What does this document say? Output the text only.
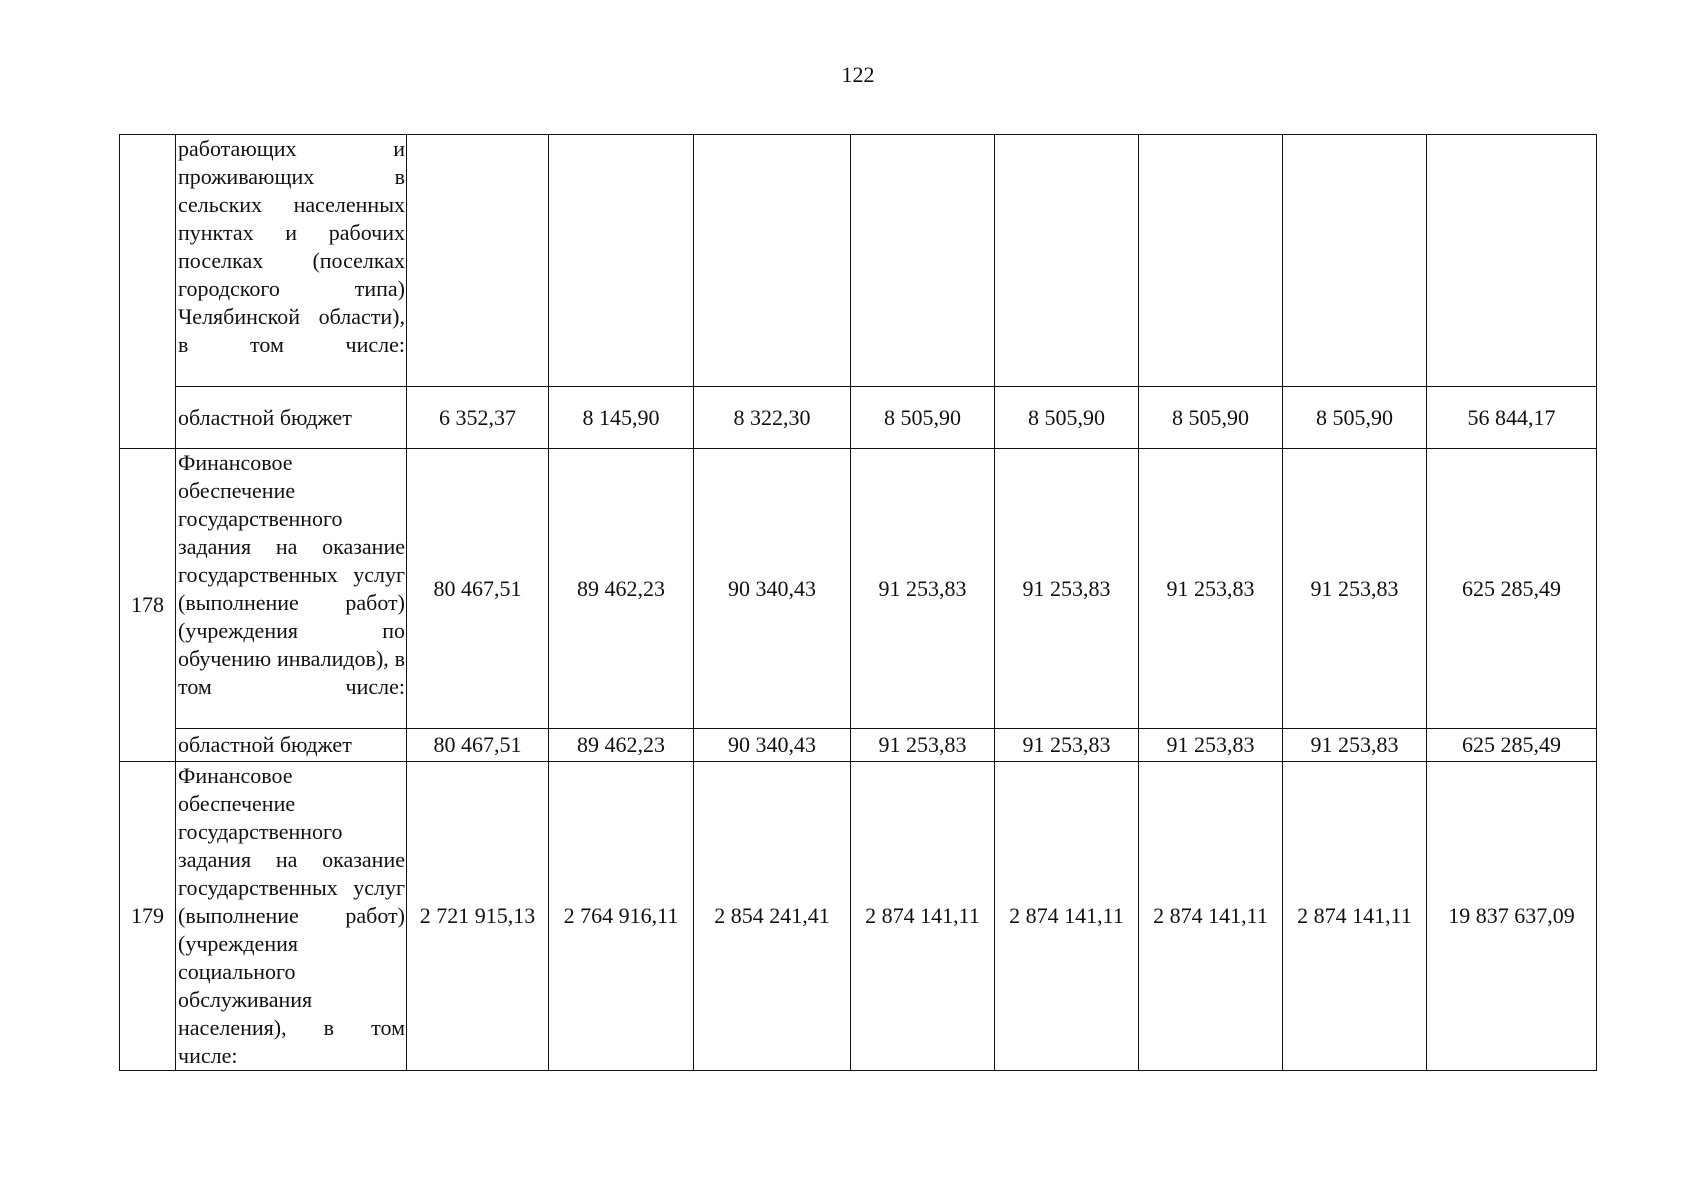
122
	работающих и проживающих в сельских населенных пунктах и рабочих поселках (поселках городского типа) Челябинской области), в том числе:								
	областной бюджет	6 352,37	8 145,90	8 322,30	8 505,90	8 505,90	8 505,90	8 505,90	56 844,17
178	Финансовое обеспечение государственного задания на оказание государственных услуг (выполнение работ) (учреждения по обучению инвалидов), в том числе:	80 467,51	89 462,23	90 340,43	91 253,83	91 253,83	91 253,83	91 253,83	625 285,49
	областной бюджет	80 467,51	89 462,23	90 340,43	91 253,83	91 253,83	91 253,83	91 253,83	625 285,49
179	Финансовое обеспечение государственного задания на оказание государственных услуг (выполнение работ) (учреждения социального обслуживания населения), в том числе:	2 721 915,13	2 764 916,11	2 854 241,41	2 874 141,11	2 874 141,11	2 874 141,11	2 874 141,11	19 837 637,09
